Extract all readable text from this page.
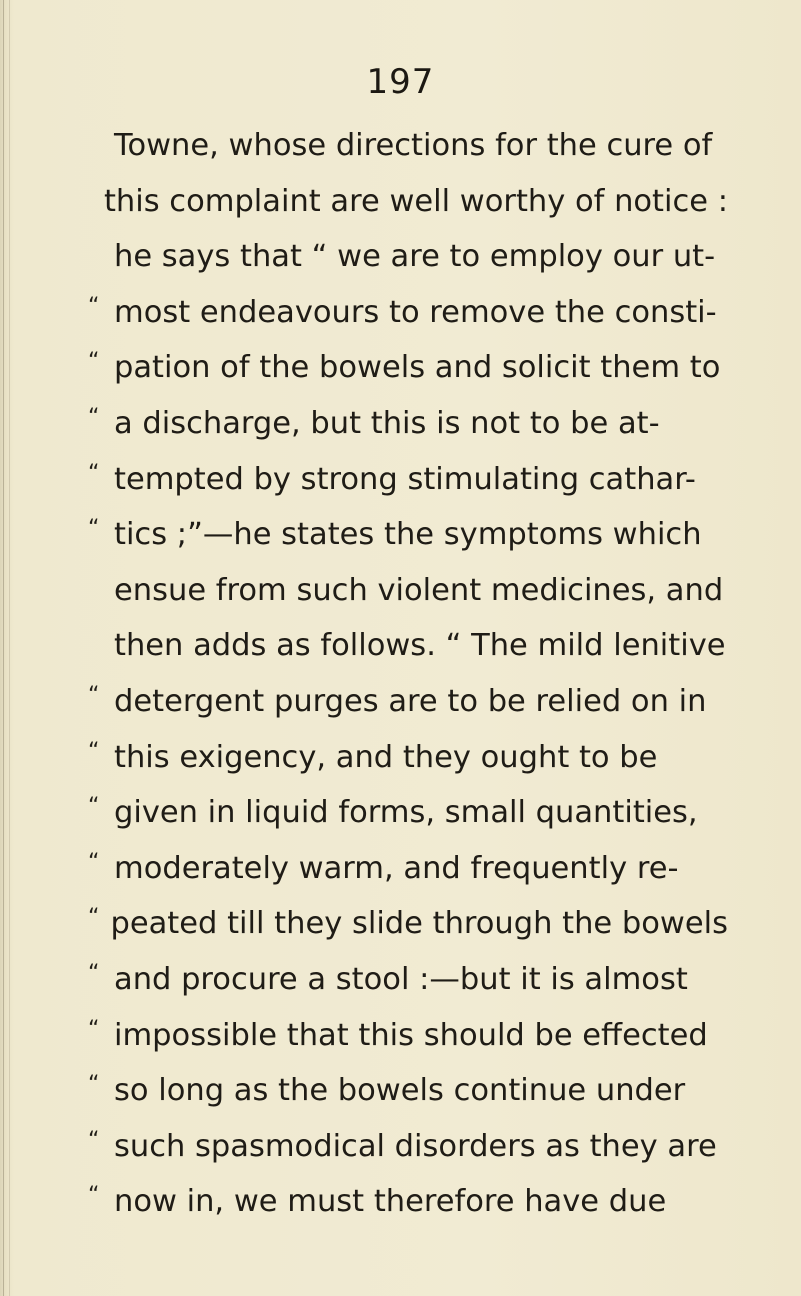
197
Towne, whose directions for the cure of
this complaint are well worthy of notice :
he says that “ we are to employ our ut-
“ most endeavours to remove the consti-
“ pation of the bowels and solicit them to
“ a discharge, but this is not to be at-
“ tempted by strong stimulating cathar-
“ tics ;”—he states the symptoms which
ensue from such violent medicines, and
then adds as follows. “ The mild lenitive
“ detergent purges are to be relied on in
“ this exigency, and they ought to be
“ given in liquid forms, small quantities,
“ moderately warm, and frequently re-
“ peated till they slide through the bowels
“ and procure a stool :—but it is almost
“ impossible that this should be effected
“ so long as the bowels continue under
“ such spasmodical disorders as they are
“ now in, we must therefore have due
